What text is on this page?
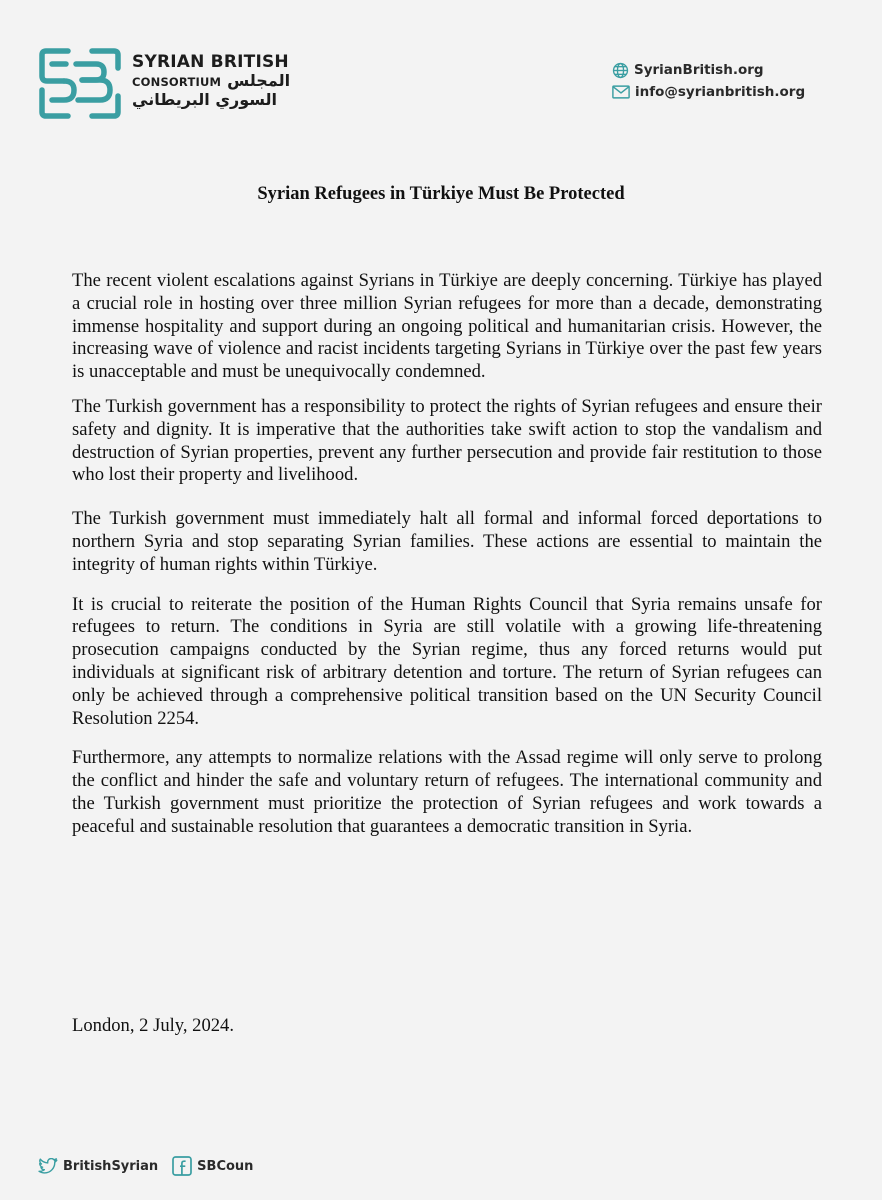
SYRIAN BRITISH
CONSORTIUM المجلس
السوري البريطاني
SyrianBritish.org
info@syrianbritish.org
Syrian Refugees in Türkiye Must Be Protected

The recent violent escalations against Syrians in Türkiye are deeply concerning. Türkiye has played a crucial role in hosting over three million Syrian refugees for more than a decade, demonstrating immense hospitality and support during an ongoing political and humanitarian crisis. However, the increasing wave of violence and racist incidents targeting Syrians in Türkiye over the past few years is unacceptable and must be unequivocally condemned.

The Turkish government has a responsibility to protect the rights of Syrian refugees and ensure their safety and dignity. It is imperative that the authorities take swift action to stop the vandalism and destruction of Syrian properties, prevent any further persecution and provide fair restitution to those who lost their property and livelihood.

The Turkish government must immediately halt all formal and informal forced deportations to northern Syria and stop separating Syrian families. These actions are essential to maintain the integrity of human rights within Türkiye.

It is crucial to reiterate the position of the Human Rights Council that Syria remains unsafe for refugees to return. The conditions in Syria are still volatile with a growing life-threatening prosecution campaigns conducted by the Syrian regime, thus any forced returns would put individuals at significant risk of arbitrary detention and torture. The return of Syrian refugees can only be achieved through a comprehensive political transition based on the UN Security Council Resolution 2254.

Furthermore, any attempts to normalize relations with the Assad regime will only serve to prolong the conflict and hinder the safe and voluntary return of refugees. The international community and the Turkish government must prioritize the protection of Syrian refugees and work towards a peaceful and sustainable resolution that guarantees a democratic transition in Syria.

London, 2 July, 2024.
BritishSyrian	SBCoun
